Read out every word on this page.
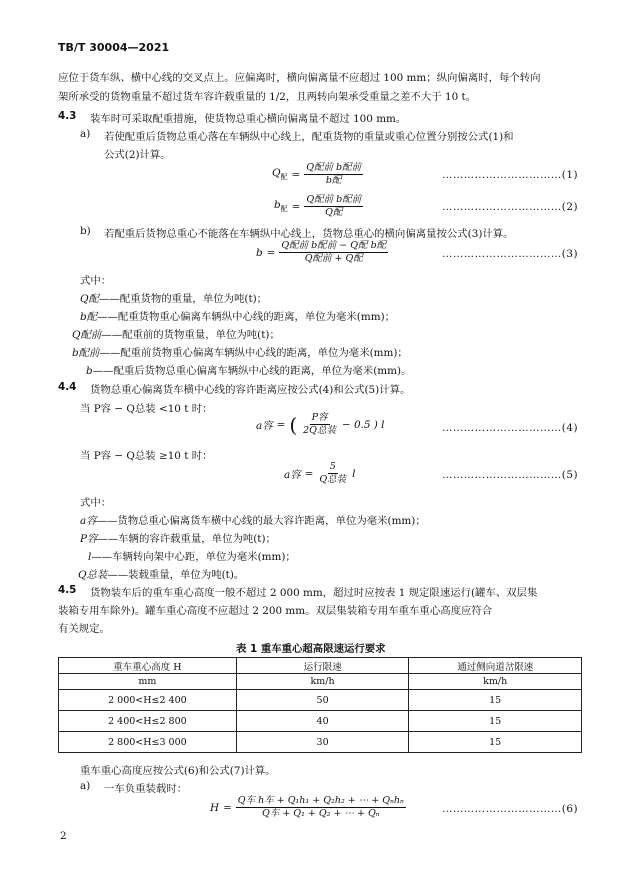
TB/T 30004—2021
应位于货车纵、横中心线的交叉点上。应偏离时，横向偏离量不应超过 100 mm；纵向偏离时，每个转向
架所承受的货物重量不超过货车容许载重量的 1/2，且两转向架承受重量之差不大于 10 t。
4.3 装车时可采取配重措施，使货物总重心横向偏离量不超过 100 mm。
a) 若使配重后货物总重心落在车辆纵中心线上，配重货物的重量或重心位置分别按公式(1)和
公式(2)计算。
$Q_配 = \frac{\text{Q配前 b配前}}{\text{b配}}$	……………………………(1)
$b_配 = \frac{\text{Q配前 b配前}}{\text{Q配}}$	……………………………(2)
b) 若配重后货物总重心不能落在车辆纵中心线上，货物总重心的横向偏离量按公式(3)计算。
$b = \frac{\text{Q配前 b配前 − Q配 b配}}{\text{Q配前 + Q配}}$	……………………………(3)
式中：
Q配——配重货物的重量，单位为吨(t)；
b配——配重货物重心偏离车辆纵中心线的距离，单位为毫米(mm)；
Q配前——配重前的货物重量，单位为吨(t)；
b配前——配重前货物重心偏离车辆纵中心线的距离，单位为毫米(mm)；
b——配重后货物总重心偏离车辆纵中心线的距离，单位为毫米(mm)。
4.4 货物总重心偏离货车横中心线的容许距离应按公式(4)和公式(5)计算。
当 P容 − Q总装 <10 t 时：
a容 = ( $\frac{\text{P容}}{\text{2Q总装}} - 0.5$ ) l	……………………………(4)
当 P容 − Q总装 ≥10 t 时：
a容 = $\frac{5}{\text{Q总装}}$ l	……………………………(5)
式中：
a容——货物总重心偏离货车横中心线的最大容许距离，单位为毫米(mm)；
P容——车辆的容许载重量，单位为吨(t)；
l——车辆转向架中心距，单位为毫米(mm)；
Q总装——装载重量，单位为吨(t)。
4.5 货物装车后的重车重心高度一般不超过 2 000 mm，超过时应按表 1 规定限速运行(罐车、双层集
装箱专用车除外)。罐车重心高度不应超过 2 200 mm。双层集装箱专用车重车重心高度应符合
有关规定。
表 1 重车重心超高限速运行要求
重车重心高度 H	运行限速	通过侧向道岔限速
mm	km/h	km/h
2 000<H≤2 400	50	15
2 400<H≤2 800	40	15
2 800<H≤3 000	30	15
重车重心高度应按公式(6)和公式(7)计算。
a) 一车负重装载时：
$H = \frac{\text{Q车 h车 + Q₁h₁ + Q₂h₂ + ⋯ + Qₙhₙ}}{\text{Q车 + Q₁ + Q₂ + ⋯ + Qₙ}}$	……………………………(6)
2
